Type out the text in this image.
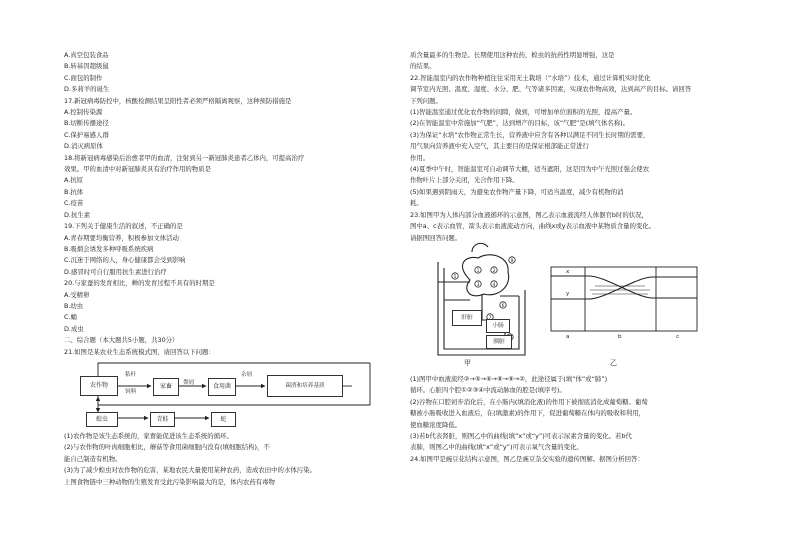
A.真空包装食品
B.转基因超级鼠
C.面包的制作
D.多莉羊的诞生
17.新冠病毒防控中，核酸检测结果呈阳性者必须严格隔离观察，这种预防措施是
A.控制传染源
B.切断传播途径
C.保护易感人群
D.消灭病原体
18.将新冠病毒感染后治愈者甲的血清，注射到另一新冠肺炎患者乙体内，可提高治疗
效果。甲的血清中对新冠肺炎具有治疗作用的物质是
A.抗原
B.抗体
C.疫苗
D.抗生素
19.下列关于健康生活的叙述，不正确的是
A.青春期要均衡营养，积极参加文体活动
B.吸烟会诱发多种呼吸系统疾病
C.沉迷于网络的人，身心健康都会受到影响
D.感冒时可自行服用抗生素进行治疗
20.与家蚕的发育相比，蝉的发育过程不具有的时期是
A.受精卵
B.幼虫
C.蛹
D.成虫
二、综合题（本大题共5小题，共30分）
21.如图是某农业生态系统模式图，请回答以下问题：
农作物	家畜	食用菌	菌渣和培养基质
蝗虫	青蛙	蛇
秸秆
饲料
粪屑
杂屑
(1)农作物是该生态系统的，家畜能促进该生态系统的循环。
(2)与农作物的叶肉细胞相比，蘑菇等食用菌细胞内没有(填细胞结构)，不
能自己制造有机物。
(3)为了减少蝗虫对农作物的危害，某地农民大量使用某种农药，造成农田中的水体污染。
上图食物链中三种动物的生殖发育受此污染影响最大的是，体内农药有毒物
质含量最多的生物是。长期使用这种农药，蝗虫的抗药性明显增强，这是
的结果。
22.智能温室内的农作物种植往往采用无土栽培（“水培”）技术，通过计算机实时优化
调节室内光照、温度、湿度、水分、肥、气等诸多因素，实现农作物高效，达到高产的目标。请回答
下列问题。
(1)智能温室通过优化农作物的间隙，做到，可增加单位面积的光照，提高产量。
(2)在智能温室中常施加“气肥”，达到增产的目标，该“气肥”是(填气体名称)。
(3)为保证“水培”农作物正常生长，营养液中应含有各种以满足不同生长时期的需要，
用气泵向营养液中充入空气，其主要目的是保证根部能正常进行
作用。
(4)夏季中午时，智能温室可自动调节大棚，适当遮阳，这是因为中午光照过强会使农
作物叶片上部分关闭，光合作用下降。
(5)如果遇到阴雨天，为避免农作物产量下降，可适当温度，减少有机物的消
耗。
23.如图甲为人体内部分血液循环的示意图，图乙表示血液流经人体器官b时的状况，
图中a、c表示血管，箭头表示血液流动方向，曲线x或y表示血液中某物质含量的变化。
请据图回答问题。
1	2
3	4
5
6
9
肝脏
小肠
胰脏
甲
x
y
a	b	c
乙
(1)图甲中血液流经②→⑤→⑥→⑧→⑨→②，此途径属于(填“体”或“肺”)
循环。心脏四个腔①②③④中流动脉血的腔是(填序号)。
(2)谷物在口腔初步消化后，在小肠内(填消化液)的作用下被彻底消化成葡萄糖。葡萄
糖被小肠吸收进入血液后，在(填激素)的作用下，促进葡萄糖在体内的吸收和利用，
使血糖浓度降低。
(3)若b代表肾脏，则图乙中的曲线(填“x”或“y”)可表示尿素含量的变化。若b代
表肺，则图乙中的曲线(填“x”或“y”)可表示氧气含量的变化。
24.如图甲是豌豆花结构示意图，图乙是豌豆杂交实验的遗传图解。据图分析回答：
